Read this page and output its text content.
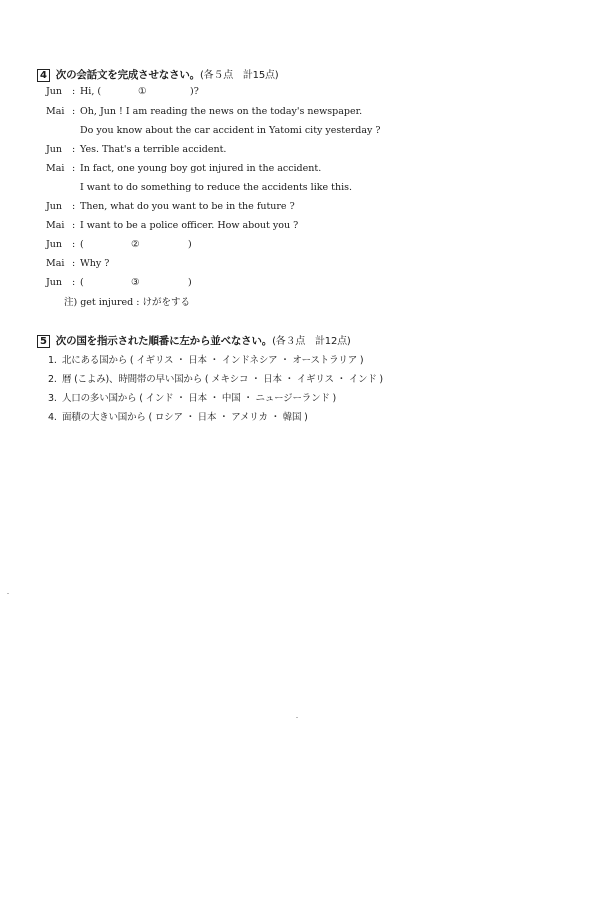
4 次の会話文を完成させなさい。(各５点　計15点)
Jun : Hi, (	①	)?
Mai : Oh, Jun ! I am reading the news on the today's newspaper.
Do you know about the car accident in Yatomi city yesterday ?
Jun : Yes. That's a terrible accident.
Mai : In fact, one young boy got injured in the accident.
I want to do something to reduce the accidents like this.
Jun : Then, what do you want to be in the future ?
Mai : I want to be a police officer. How about you ?
Jun : (	②	)
Mai : Why ?
Jun : (	③	)
注) get injured : けがをする
5 次の国を指示された順番に左から並べなさい。(各３点　計12点)
1. 北にある国から ( イギリス ・ 日本 ・ インドネシア ・ オーストラリア )
2. 暦 (こよみ)、時間帯の早い国から ( メキシコ ・ 日本 ・ イギリス ・ インド )
3. 人口の多い国から ( インド ・ 日本 ・ 中国 ・ ニュージーランド )
4. 面積の大きい国から ( ロシア ・ 日本 ・ アメリカ ・ 韓国 )
